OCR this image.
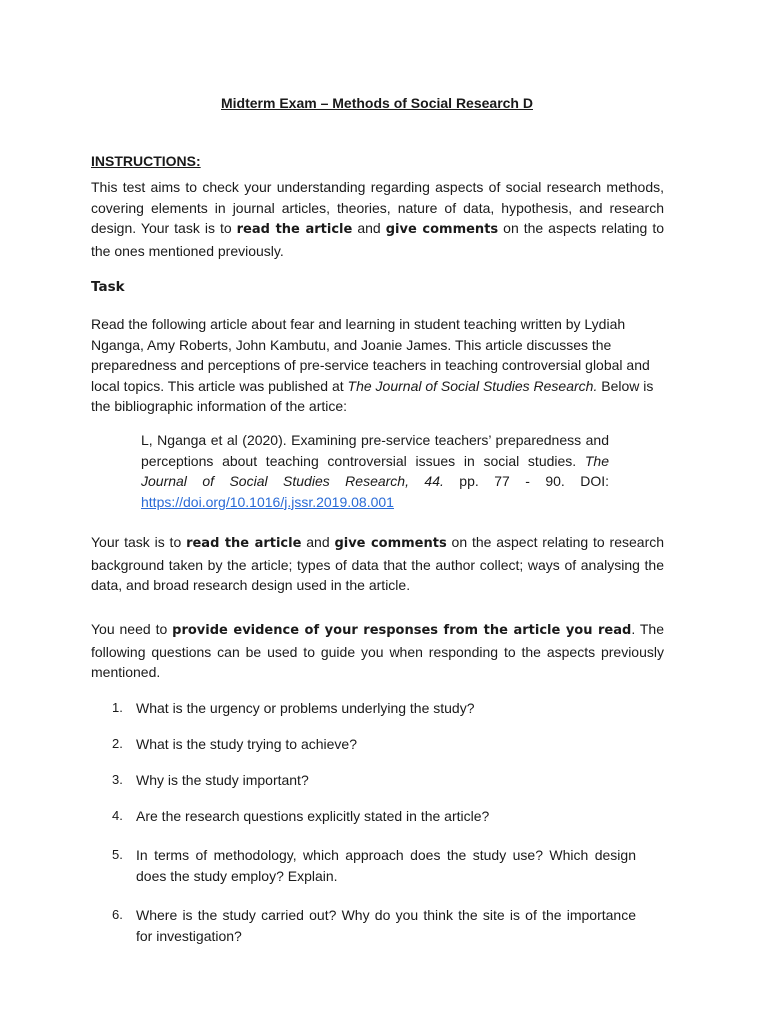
Midterm Exam – Methods of Social Research D
INSTRUCTIONS:

This test aims to check your understanding regarding aspects of social research methods, covering elements in journal articles, theories, nature of data, hypothesis, and research design. Your task is to read the article and give comments on the aspects relating to the ones mentioned previously.

Task

Read the following article about fear and learning in student teaching written by Lydiah Nganga, Amy Roberts, John Kambutu, and Joanie James. This article discusses the preparedness and perceptions of pre-service teachers in teaching controversial global and local topics. This article was published at The Journal of Social Studies Research. Below is the bibliographic information of the artice:

L, Nganga et al (2020). Examining pre-service teachers’ preparedness and perceptions about teaching controversial issues in social studies. The Journal of Social Studies Research, 44. pp. 77 - 90. DOI: https://doi.org/10.1016/j.jssr.2019.08.001

Your task is to read the article and give comments on the aspect relating to research background taken by the article; types of data that the author collect; ways of analysing the data, and broad research design used in the article.

You need to provide evidence of your responses from the article you read. The following questions can be used to guide you when responding to the aspects previously mentioned.

1. What is the urgency or problems underlying the study?
2. What is the study trying to achieve?
3. Why is the study important?
4. Are the research questions explicitly stated in the article?
5. In terms of methodology, which approach does the study use? Which design does the study employ? Explain.
6. Where is the study carried out? Why do you think the site is of the importance for investigation?
